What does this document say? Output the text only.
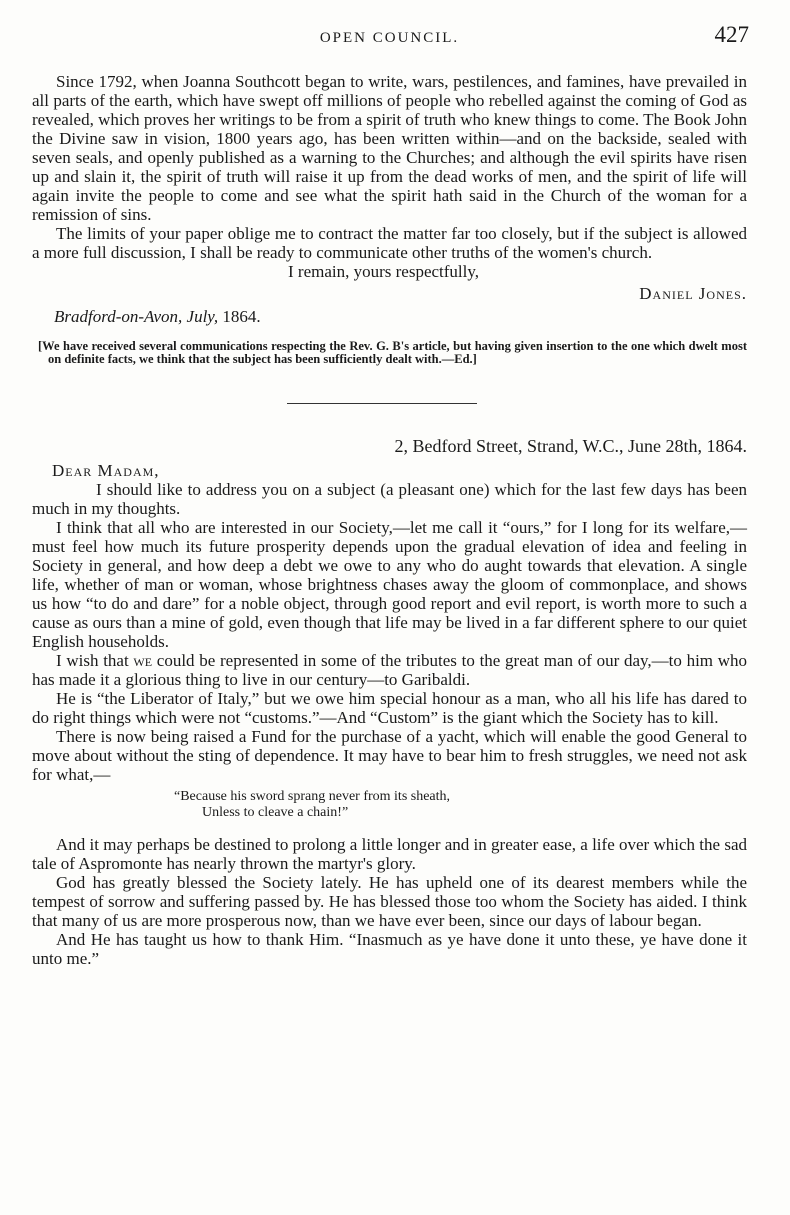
OPEN COUNCIL.	427

Since 1792, when Joanna Southcott began to write, wars, pestilences, and famines, have prevailed in all parts of the earth, which have swept off millions of people who rebelled against the coming of God as revealed, which proves her writings to be from a spirit of truth who knew things to come. The Book John the Divine saw in vision, 1800 years ago, has been written within—and on the backside, sealed with seven seals, and openly published as a warning to the Churches; and although the evil spirits have risen up and slain it, the spirit of truth will raise it up from the dead works of men, and the spirit of life will again invite the people to come and see what the spirit hath said in the Church of the woman for a remission of sins.

The limits of your paper oblige me to contract the matter far too closely, but if the subject is allowed a more full discussion, I shall be ready to communicate other truths of the women's church.

I remain, yours respectfully,

Daniel Jones.

Bradford-on-Avon, July, 1864.

[We have received several communications respecting the Rev. G. B's article, but having given insertion to the one which dwelt most on definite facts, we think that the subject has been sufficiently dealt with.—Ed.]

2, Bedford Street, Strand, W.C., June 28th, 1864.

Dear Madam,

I should like to address you on a subject (a pleasant one) which for the last few days has been much in my thoughts.

I think that all who are interested in our Society,—let me call it “ours,” for I long for its welfare,—must feel how much its future prosperity depends upon the gradual elevation of idea and feeling in Society in general, and how deep a debt we owe to any who do aught towards that elevation. A single life, whether of man or woman, whose brightness chases away the gloom of commonplace, and shows us how “to do and dare” for a noble object, through good report and evil report, is worth more to such a cause as ours than a mine of gold, even though that life may be lived in a far different sphere to our quiet English households.

I wish that we could be represented in some of the tributes to the great man of our day,—to him who has made it a glorious thing to live in our century—to Garibaldi.

He is “the Liberator of Italy,” but we owe him special honour as a man, who all his life has dared to do right things which were not “customs.”—And “Custom” is the giant which the Society has to kill.

There is now being raised a Fund for the purchase of a yacht, which will enable the good General to move about without the sting of dependence. It may have to bear him to fresh struggles, we need not ask for what,—

“Because his sword sprang never from its sheath,
Unless to cleave a chain!”

And it may perhaps be destined to prolong a little longer and in greater ease, a life over which the sad tale of Aspromonte has nearly thrown the martyr's glory.

God has greatly blessed the Society lately. He has upheld one of its dearest members while the tempest of sorrow and suffering passed by. He has blessed those too whom the Society has aided. I think that many of us are more prosperous now, than we have ever been, since our days of labour began.

And He has taught us how to thank Him. “Inasmuch as ye have done it unto these, ye have done it unto me.”
